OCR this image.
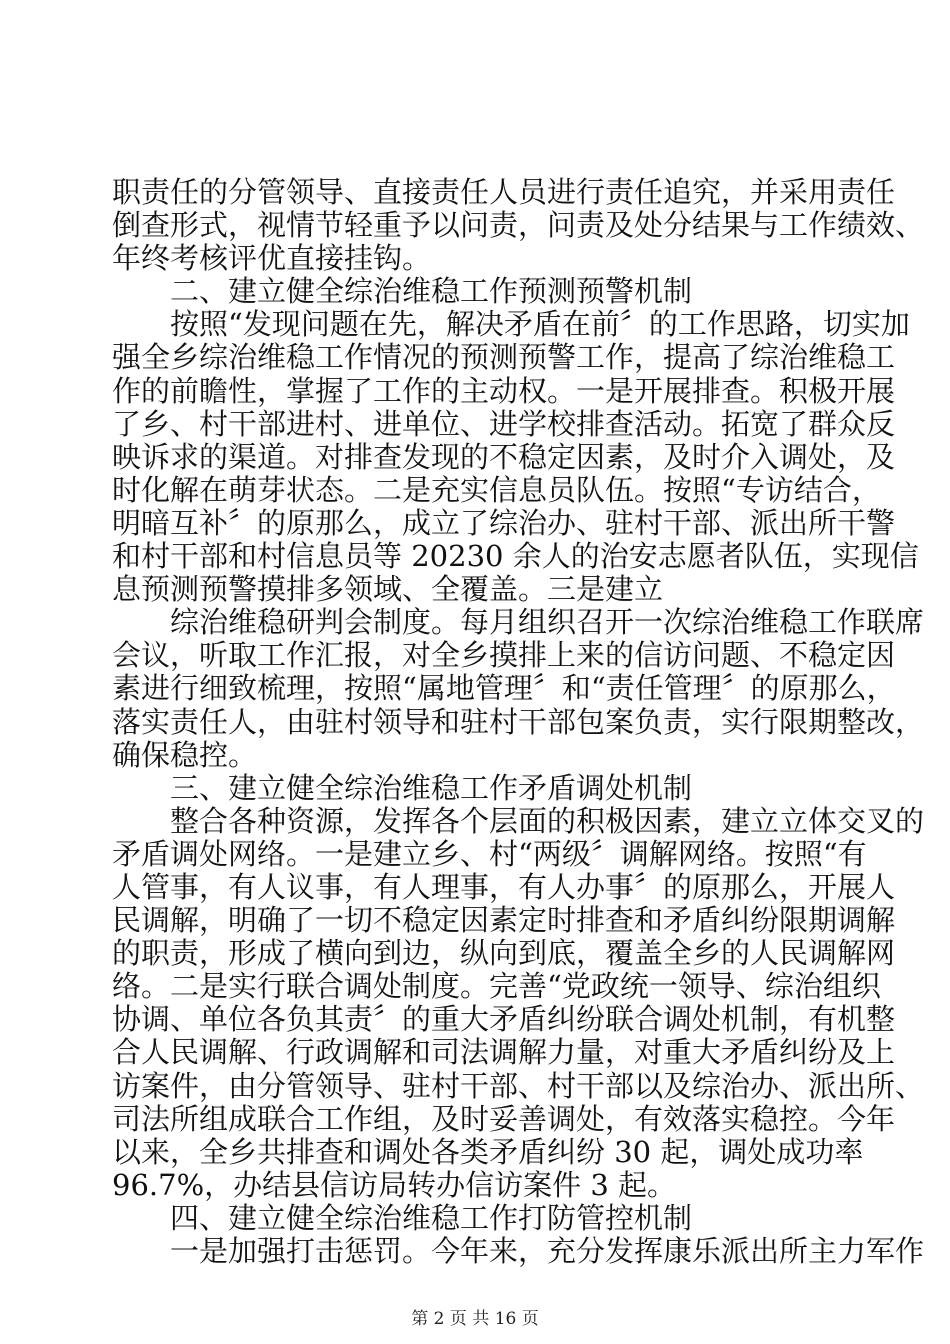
职责任的分管领导、直接责任人员进行责任追究，并采用责任
倒查形式，视情节轻重予以问责，问责及处分结果与工作绩效、
年终考核评优直接挂钩。
二、建立健全综治维稳工作预测预警机制
按照“发现问题在先，解决矛盾在前〞的工作思路，切实加
强全乡综治维稳工作情况的预测预警工作，提高了综治维稳工
作的前瞻性，掌握了工作的主动权。一是开展排查。积极开展
了乡、村干部进村、进单位、进学校排查活动。拓宽了群众反
映诉求的渠道。对排查发现的不稳定因素，及时介入调处，及
时化解在萌芽状态。二是充实信息员队伍。按照“专访结合，
明暗互补〞的原那么，成立了综治办、驻村干部、派出所干警
和村干部和村信息员等 20230 余人的治安志愿者队伍，实现信
息预测预警摸排多领域、全覆盖。三是建立
综治维稳研判会制度。每月组织召开一次综治维稳工作联席
会议，听取工作汇报，对全乡摸排上来的信访问题、不稳定因
素进行细致梳理，按照“属地管理〞和“责任管理〞的原那么，
落实责任人，由驻村领导和驻村干部包案负责，实行限期整改，
确保稳控。
三、建立健全综治维稳工作矛盾调处机制
整合各种资源，发挥各个层面的积极因素，建立立体交叉的
矛盾调处网络。一是建立乡、村“两级〞调解网络。按照“有
人管事，有人议事，有人理事，有人办事〞的原那么，开展人
民调解，明确了一切不稳定因素定时排查和矛盾纠纷限期调解
的职责，形成了横向到边，纵向到底，覆盖全乡的人民调解网
络。二是实行联合调处制度。完善“党政统一领导、综治组织
协调、单位各负其责〞的重大矛盾纠纷联合调处机制，有机整
合人民调解、行政调解和司法调解力量，对重大矛盾纠纷及上
访案件，由分管领导、驻村干部、村干部以及综治办、派出所、
司法所组成联合工作组，及时妥善调处，有效落实稳控。今年
以来，全乡共排查和调处各类矛盾纠纷 30 起，调处成功率
96.7%，办结县信访局转办信访案件 3 起。
四、建立健全综治维稳工作打防管控机制
一是加强打击惩罚。今年来，充分发挥康乐派出所主力军作
第 2 页 共 16 页
